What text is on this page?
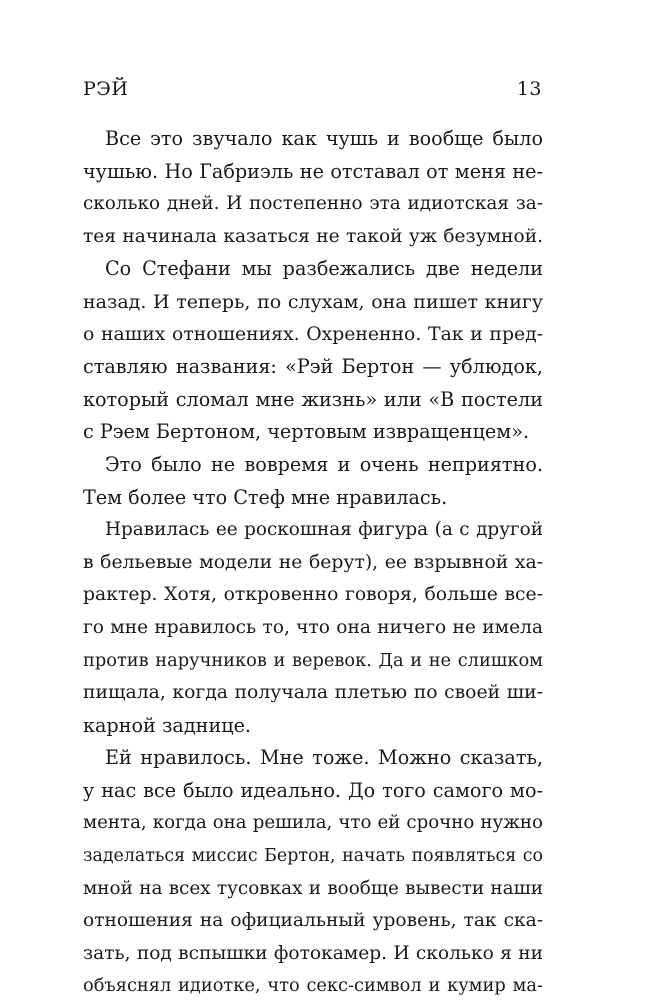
РЭЙ	13
Все это звучало как чушь и вообще было
чушью. Но Габриэль не отставал от меня не-
сколько дней. И постепенно эта идиотская за-
тея начинала казаться не такой уж безумной.
Со Стефани мы разбежались две недели
назад. И теперь, по слухам, она пишет книгу
о наших отношениях. Охрененно. Так и пред-
ставляю названия: «Рэй Бертон — ублюдок,
который сломал мне жизнь» или «В постели
с Рэем Бертоном, чертовым извращенцем».
Это было не вовремя и очень неприятно.
Тем более что Стеф мне нравилась.
Нравилась ее роскошная фигура (а с другой
в бельевые модели не берут), ее взрывной ха-
рактер. Хотя, откровенно говоря, больше все-
го мне нравилось то, что она ничего не имела
против наручников и веревок. Да и не слишком
пищала, когда получала плетью по своей ши-
карной заднице.
Ей нравилось. Мне тоже. Можно сказать,
у нас все было идеально. До того самого мо-
мента, когда она решила, что ей срочно нужно
заделаться миссис Бертон, начать появляться со
мной на всех тусовках и вообще вывести наши
отношения на официальный уровень, так ска-
зать, под вспышки фотокамер. И сколько я ни
объяснял идиотке, что секс-символ и кумир ма-
